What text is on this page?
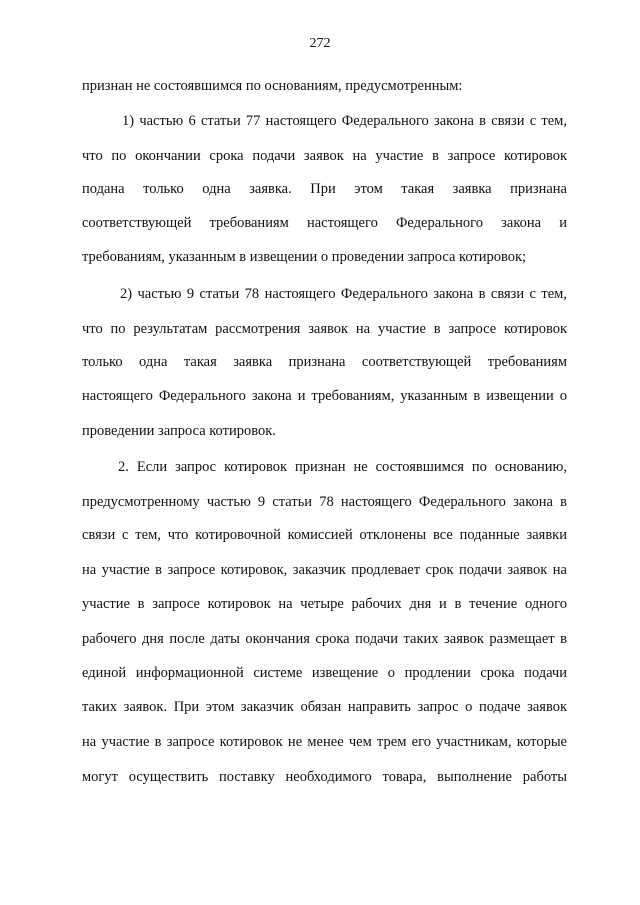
272
признан не состоявшимся по основаниям, предусмотренным:
1) частью 6 статьи 77 настоящего Федерального закона в связи с тем,
что по окончании срока подачи заявок на участие в запросе котировок
подана только одна заявка. При этом такая заявка признана
соответствующей требованиям настоящего Федерального закона и
требованиям, указанным в извещении о проведении запроса котировок;
2) частью 9 статьи 78 настоящего Федерального закона в связи с тем,
что по результатам рассмотрения заявок на участие в запросе котировок
только одна такая заявка признана соответствующей требованиям
настоящего Федерального закона и требованиям, указанным в извещении о
проведении запроса котировок.
2. Если запрос котировок признан не состоявшимся по основанию,
предусмотренному частью 9 статьи 78 настоящего Федерального закона в
связи с тем, что котировочной комиссией отклонены все поданные заявки
на участие в запросе котировок, заказчик продлевает срок подачи заявок на
участие в запросе котировок на четыре рабочих дня и в течение одного
рабочего дня после даты окончания срока подачи таких заявок размещает в
единой информационной системе извещение о продлении срока подачи
таких заявок. При этом заказчик обязан направить запрос о подаче заявок
на участие в запросе котировок не менее чем трем его участникам, которые
могут осуществить поставку необходимого товара, выполнение работы
